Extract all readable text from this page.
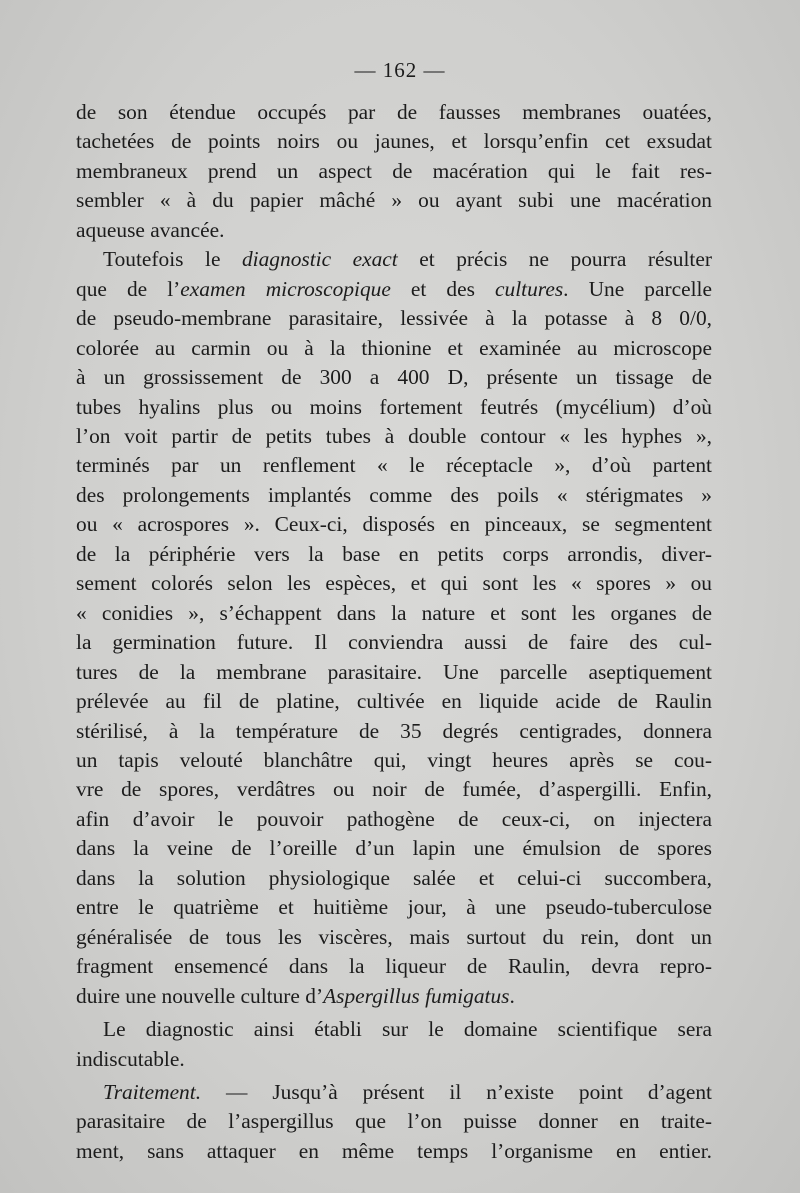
— 162 —
de son étendue occupés par de fausses membranes ouatées,
tachetées de points noirs ou jaunes, et lorsqu’enfin cet exsudat
membraneux prend un aspect de macération qui le fait res-
sembler « à du papier mâché » ou ayant subi une macération
aqueuse avancée.
Toutefois le diagnostic exact et précis ne pourra résulter
que de l’examen microscopique et des cultures. Une parcelle
de pseudo-membrane parasitaire, lessivée à la potasse à 8 0/0,
colorée au carmin ou à la thionine et examinée au microscope
à un grossissement de 300 a 400 D, présente un tissage de
tubes hyalins plus ou moins fortement feutrés (mycélium) d’où
l’on voit partir de petits tubes à double contour « les hyphes »,
terminés par un renflement « le réceptacle », d’où partent
des prolongements implantés comme des poils « stérigmates »
ou « acrospores ». Ceux-ci, disposés en pinceaux, se segmentent
de la périphérie vers la base en petits corps arrondis, diver-
sement colorés selon les espèces, et qui sont les « spores » ou
« conidies », s’échappent dans la nature et sont les organes de
la germination future. Il conviendra aussi de faire des cul-
tures de la membrane parasitaire. Une parcelle aseptiquement
prélevée au fil de platine, cultivée en liquide acide de Raulin
stérilisé, à la température de 35 degrés centigrades, donnera
un tapis velouté blanchâtre qui, vingt heures après se cou-
vre de spores, verdâtres ou noir de fumée, d’aspergilli. Enfin,
afin d’avoir le pouvoir pathogène de ceux-ci, on injectera
dans la veine de l’oreille d’un lapin une émulsion de spores
dans la solution physiologique salée et celui-ci succombera,
entre le quatrième et huitième jour, à une pseudo-tuberculose
généralisée de tous les viscères, mais surtout du rein, dont un
fragment ensemencé dans la liqueur de Raulin, devra repro-
duire une nouvelle culture d’Aspergillus fumigatus.
Le diagnostic ainsi établi sur le domaine scientifique sera
indiscutable.
Traitement. — Jusqu’à présent il n’existe point d’agent
parasitaire de l’aspergillus que l’on puisse donner en traite-
ment, sans attaquer en même temps l’organisme en entier.
